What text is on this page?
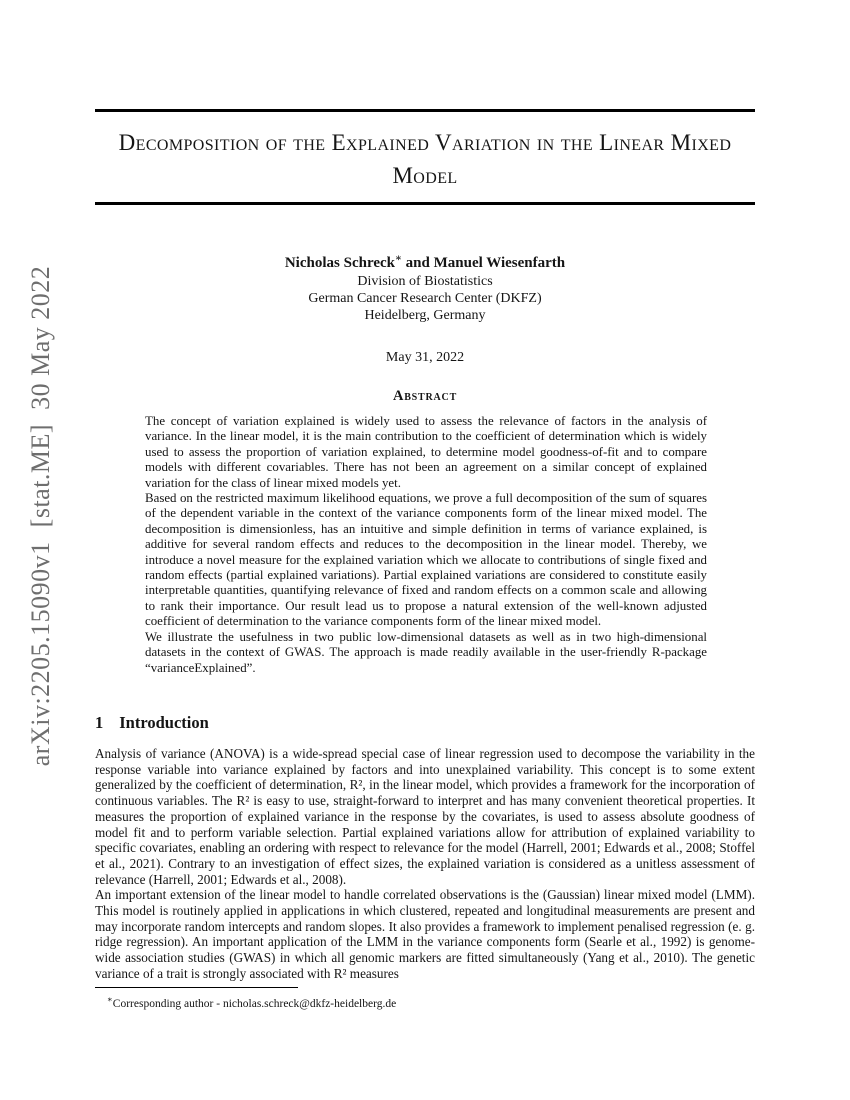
arXiv:2205.15090v1  [stat.ME]  30 May 2022
Decomposition of the Explained Variation in the Linear Mixed Model
Nicholas Schreck∗ and Manuel Wiesenfarth
Division of Biostatistics
German Cancer Research Center (DKFZ)
Heidelberg, Germany
May 31, 2022
Abstract

The concept of variation explained is widely used to assess the relevance of factors in the analysis of variance. In the linear model, it is the main contribution to the coefficient of determination which is widely used to assess the proportion of variation explained, to determine model goodness-of-fit and to compare models with different covariables. There has not been an agreement on a similar concept of explained variation for the class of linear mixed models yet.

Based on the restricted maximum likelihood equations, we prove a full decomposition of the sum of squares of the dependent variable in the context of the variance components form of the linear mixed model. The decomposition is dimensionless, has an intuitive and simple definition in terms of variance explained, is additive for several random effects and reduces to the decomposition in the linear model. Thereby, we introduce a novel measure for the explained variation which we allocate to contributions of single fixed and random effects (partial explained variations). Partial explained variations are considered to constitute easily interpretable quantities, quantifying relevance of fixed and random effects on a common scale and allowing to rank their importance. Our result lead us to propose a natural extension of the well-known adjusted coefficient of determination to the variance components form of the linear mixed model.

We illustrate the usefulness in two public low-dimensional datasets as well as in two high-dimensional datasets in the context of GWAS. The approach is made readily available in the user-friendly R-package “varianceExplained”.

1 Introduction

Analysis of variance (ANOVA) is a wide-spread special case of linear regression used to decompose the variability in the response variable into variance explained by factors and into unexplained variability. This concept is to some extent generalized by the coefficient of determination, R², in the linear model, which provides a framework for the incorporation of continuous variables. The R² is easy to use, straight-forward to interpret and has many convenient theoretical properties. It measures the proportion of explained variance in the response by the covariates, is used to assess absolute goodness of model fit and to perform variable selection. Partial explained variations allow for attribution of explained variability to specific covariates, enabling an ordering with respect to relevance for the model (Harrell, 2001; Edwards et al., 2008; Stoffel et al., 2021). Contrary to an investigation of effect sizes, the explained variation is considered as a unitless assessment of relevance (Harrell, 2001; Edwards et al., 2008).

An important extension of the linear model to handle correlated observations is the (Gaussian) linear mixed model (LMM). This model is routinely applied in applications in which clustered, repeated and longitudinal measurements are present and may incorporate random intercepts and random slopes. It also provides a framework to implement penalised regression (e. g. ridge regression). An important application of the LMM in the variance components form (Searle et al., 1992) is genome-wide association studies (GWAS) in which all genomic markers are fitted simultaneously (Yang et al., 2010). The genetic variance of a trait is strongly associated with R² measures

∗Corresponding author - nicholas.schreck@dkfz-heidelberg.de
